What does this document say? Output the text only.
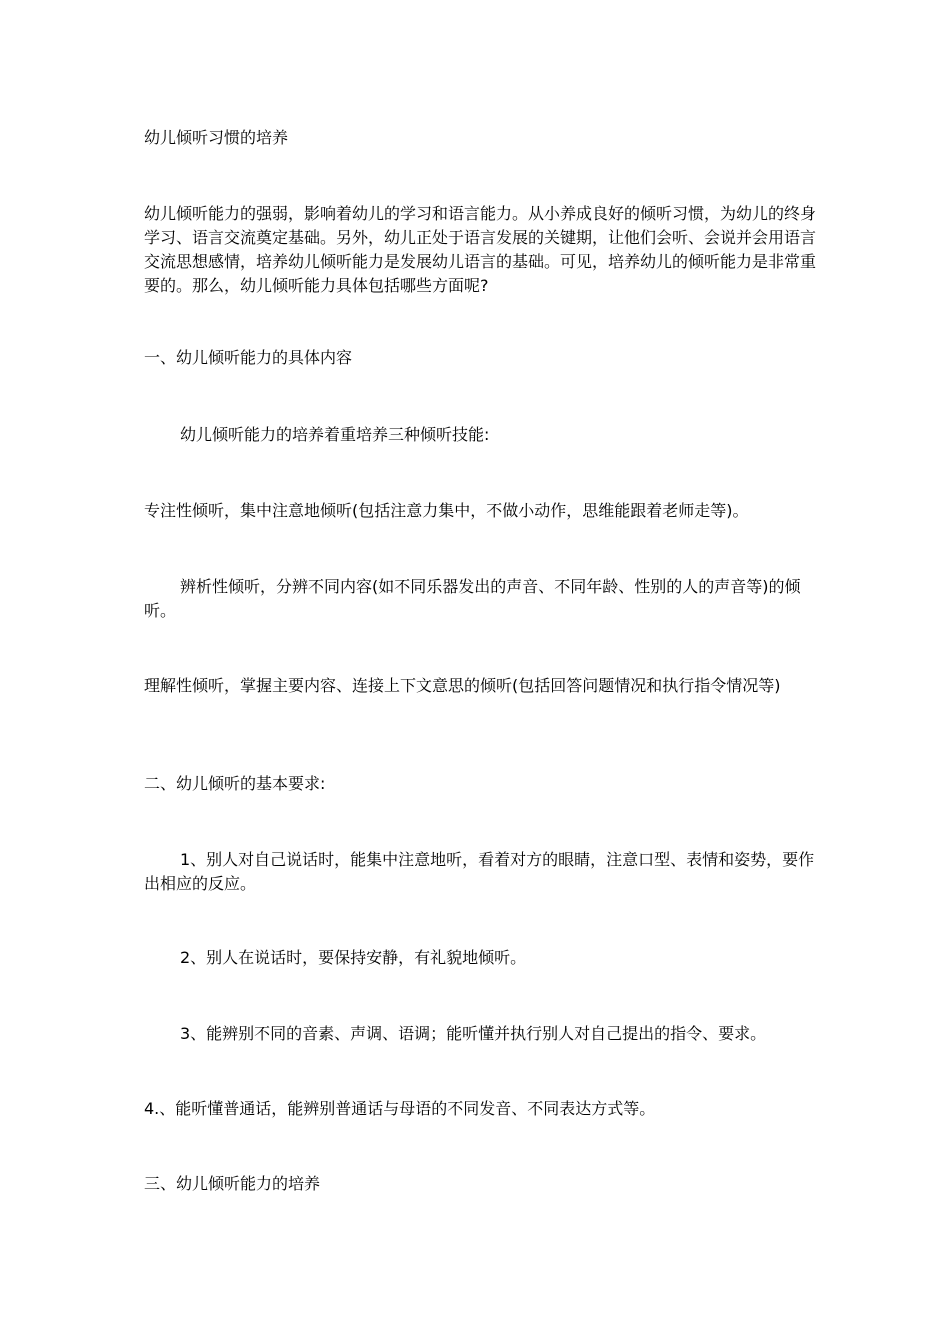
幼儿倾听习惯的培养

幼儿倾听能力的强弱，影响着幼儿的学习和语言能力。从小养成良好的倾听习惯，为幼儿的终身学习、语言交流奠定基础。另外，幼儿正处于语言发展的关键期，让他们会听、会说并会用语言交流思想感情，培养幼儿倾听能力是发展幼儿语言的基础。可见，培养幼儿的倾听能力是非常重要的。那么，幼儿倾听能力具体包括哪些方面呢?

一、幼儿倾听能力的具体内容

幼儿倾听能力的培养着重培养三种倾听技能:

专注性倾听，集中注意地倾听(包括注意力集中，不做小动作，思维能跟着老师走等)。

辨析性倾听，分辨不同内容(如不同乐器发出的声音、不同年龄、性别的人的声音等)的倾听。

理解性倾听，掌握主要内容、连接上下文意思的倾听(包括回答问题情况和执行指令情况等)

二、幼儿倾听的基本要求:

1、别人对自己说话时，能集中注意地听，看着对方的眼睛，注意口型、表情和姿势，要作出相应的反应。

2、别人在说话时，要保持安静，有礼貌地倾听。

3、能辨别不同的音素、声调、语调；能听懂并执行别人对自己提出的指令、要求。

4.、能听懂普通话，能辨别普通话与母语的不同发音、不同表达方式等。

三、幼儿倾听能力的培养
